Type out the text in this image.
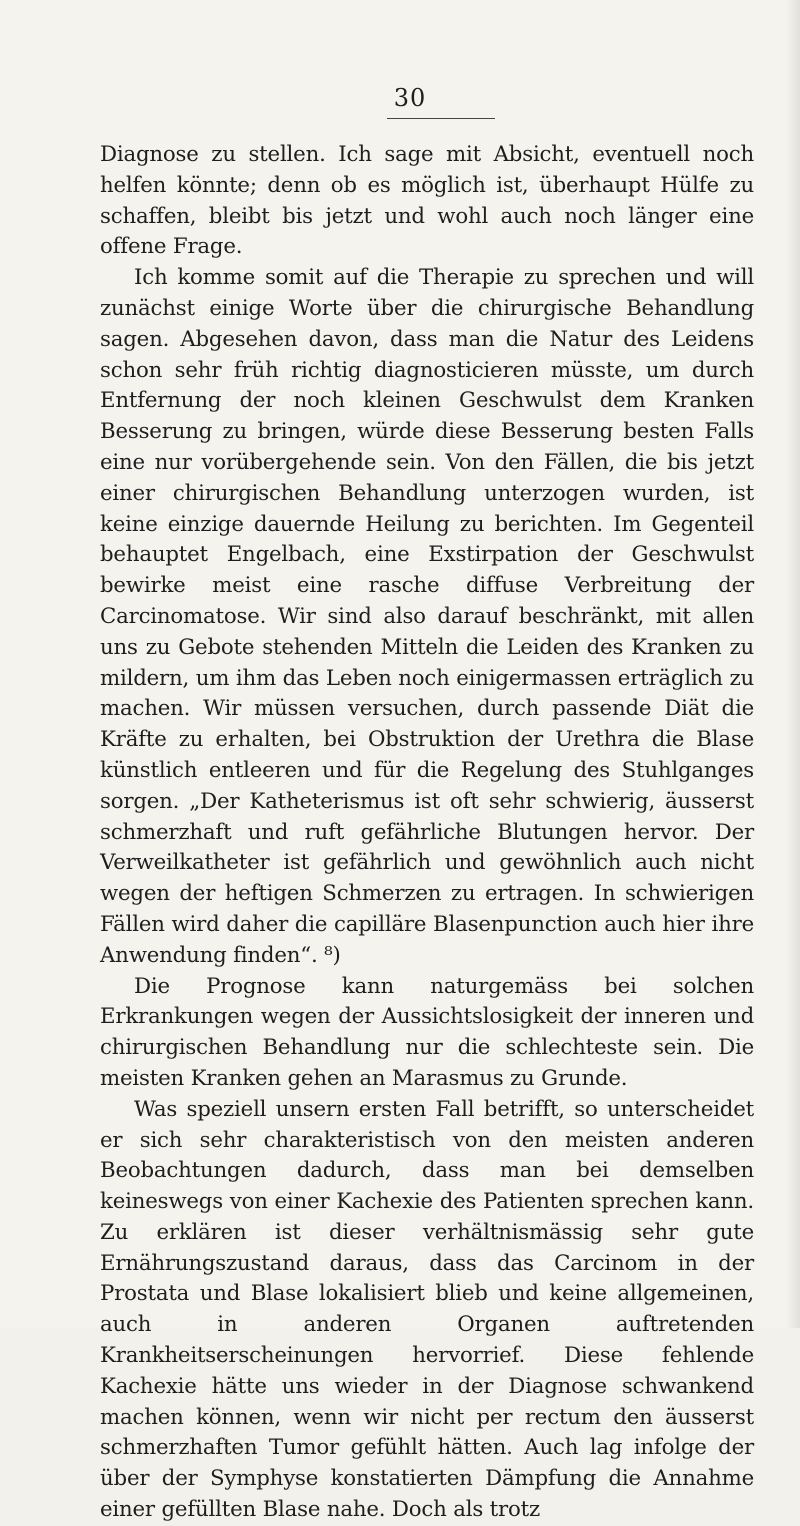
30

Diagnose zu stellen. Ich sage mit Absicht, eventuell noch helfen könnte; denn ob es möglich ist, überhaupt Hülfe zu schaffen, bleibt bis jetzt und wohl auch noch länger eine offene Frage.

Ich komme somit auf die Therapie zu sprechen und will zunächst einige Worte über die chirurgische Behandlung sagen. Abgesehen davon, dass man die Natur des Leidens schon sehr früh richtig diagnosticieren müsste, um durch Entfernung der noch kleinen Geschwulst dem Kranken Besserung zu bringen, würde diese Besserung besten Falls eine nur vorübergehende sein. Von den Fällen, die bis jetzt einer chirurgischen Behandlung unterzogen wurden, ist keine einzige dauernde Heilung zu berichten. Im Gegenteil behauptet Engelbach, eine Exstirpation der Geschwulst bewirke meist eine rasche diffuse Verbreitung der Carcinomatose. Wir sind also darauf beschränkt, mit allen uns zu Gebote stehenden Mitteln die Leiden des Kranken zu mildern, um ihm das Leben noch einigermassen erträglich zu machen. Wir müssen versuchen, durch passende Diät die Kräfte zu erhalten, bei Obstruktion der Urethra die Blase künstlich entleeren und für die Regelung des Stuhlganges sorgen. „Der Katheterismus ist oft sehr schwierig, äusserst schmerzhaft und ruft gefährliche Blutungen hervor. Der Verweilkatheter ist gefährlich und gewöhnlich auch nicht wegen der heftigen Schmerzen zu ertragen. In schwierigen Fällen wird daher die capilläre Blasenpunction auch hier ihre Anwendung finden“. ⁸)

Die Prognose kann naturgemäss bei solchen Erkrankungen wegen der Aussichtslosigkeit der inneren und chirurgischen Behandlung nur die schlechteste sein. Die meisten Kranken gehen an Marasmus zu Grunde.

Was speziell unsern ersten Fall betrifft, so unterscheidet er sich sehr charakteristisch von den meisten anderen Beobachtungen dadurch, dass man bei demselben keineswegs von einer Kachexie des Patienten sprechen kann. Zu erklären ist dieser verhältnismässig sehr gute Ernährungszustand daraus, dass das Carcinom in der Prostata und Blase lokalisiert blieb und keine allgemeinen, auch in anderen Organen auftretenden Krankheitserscheinungen hervorrief. Diese fehlende Kachexie hätte uns wieder in der Diagnose schwankend machen können, wenn wir nicht per rectum den äusserst schmerzhaften Tumor gefühlt hätten. Auch lag infolge der über der Symphyse konstatierten Dämpfung die Annahme einer gefüllten Blase nahe. Doch als trotz
